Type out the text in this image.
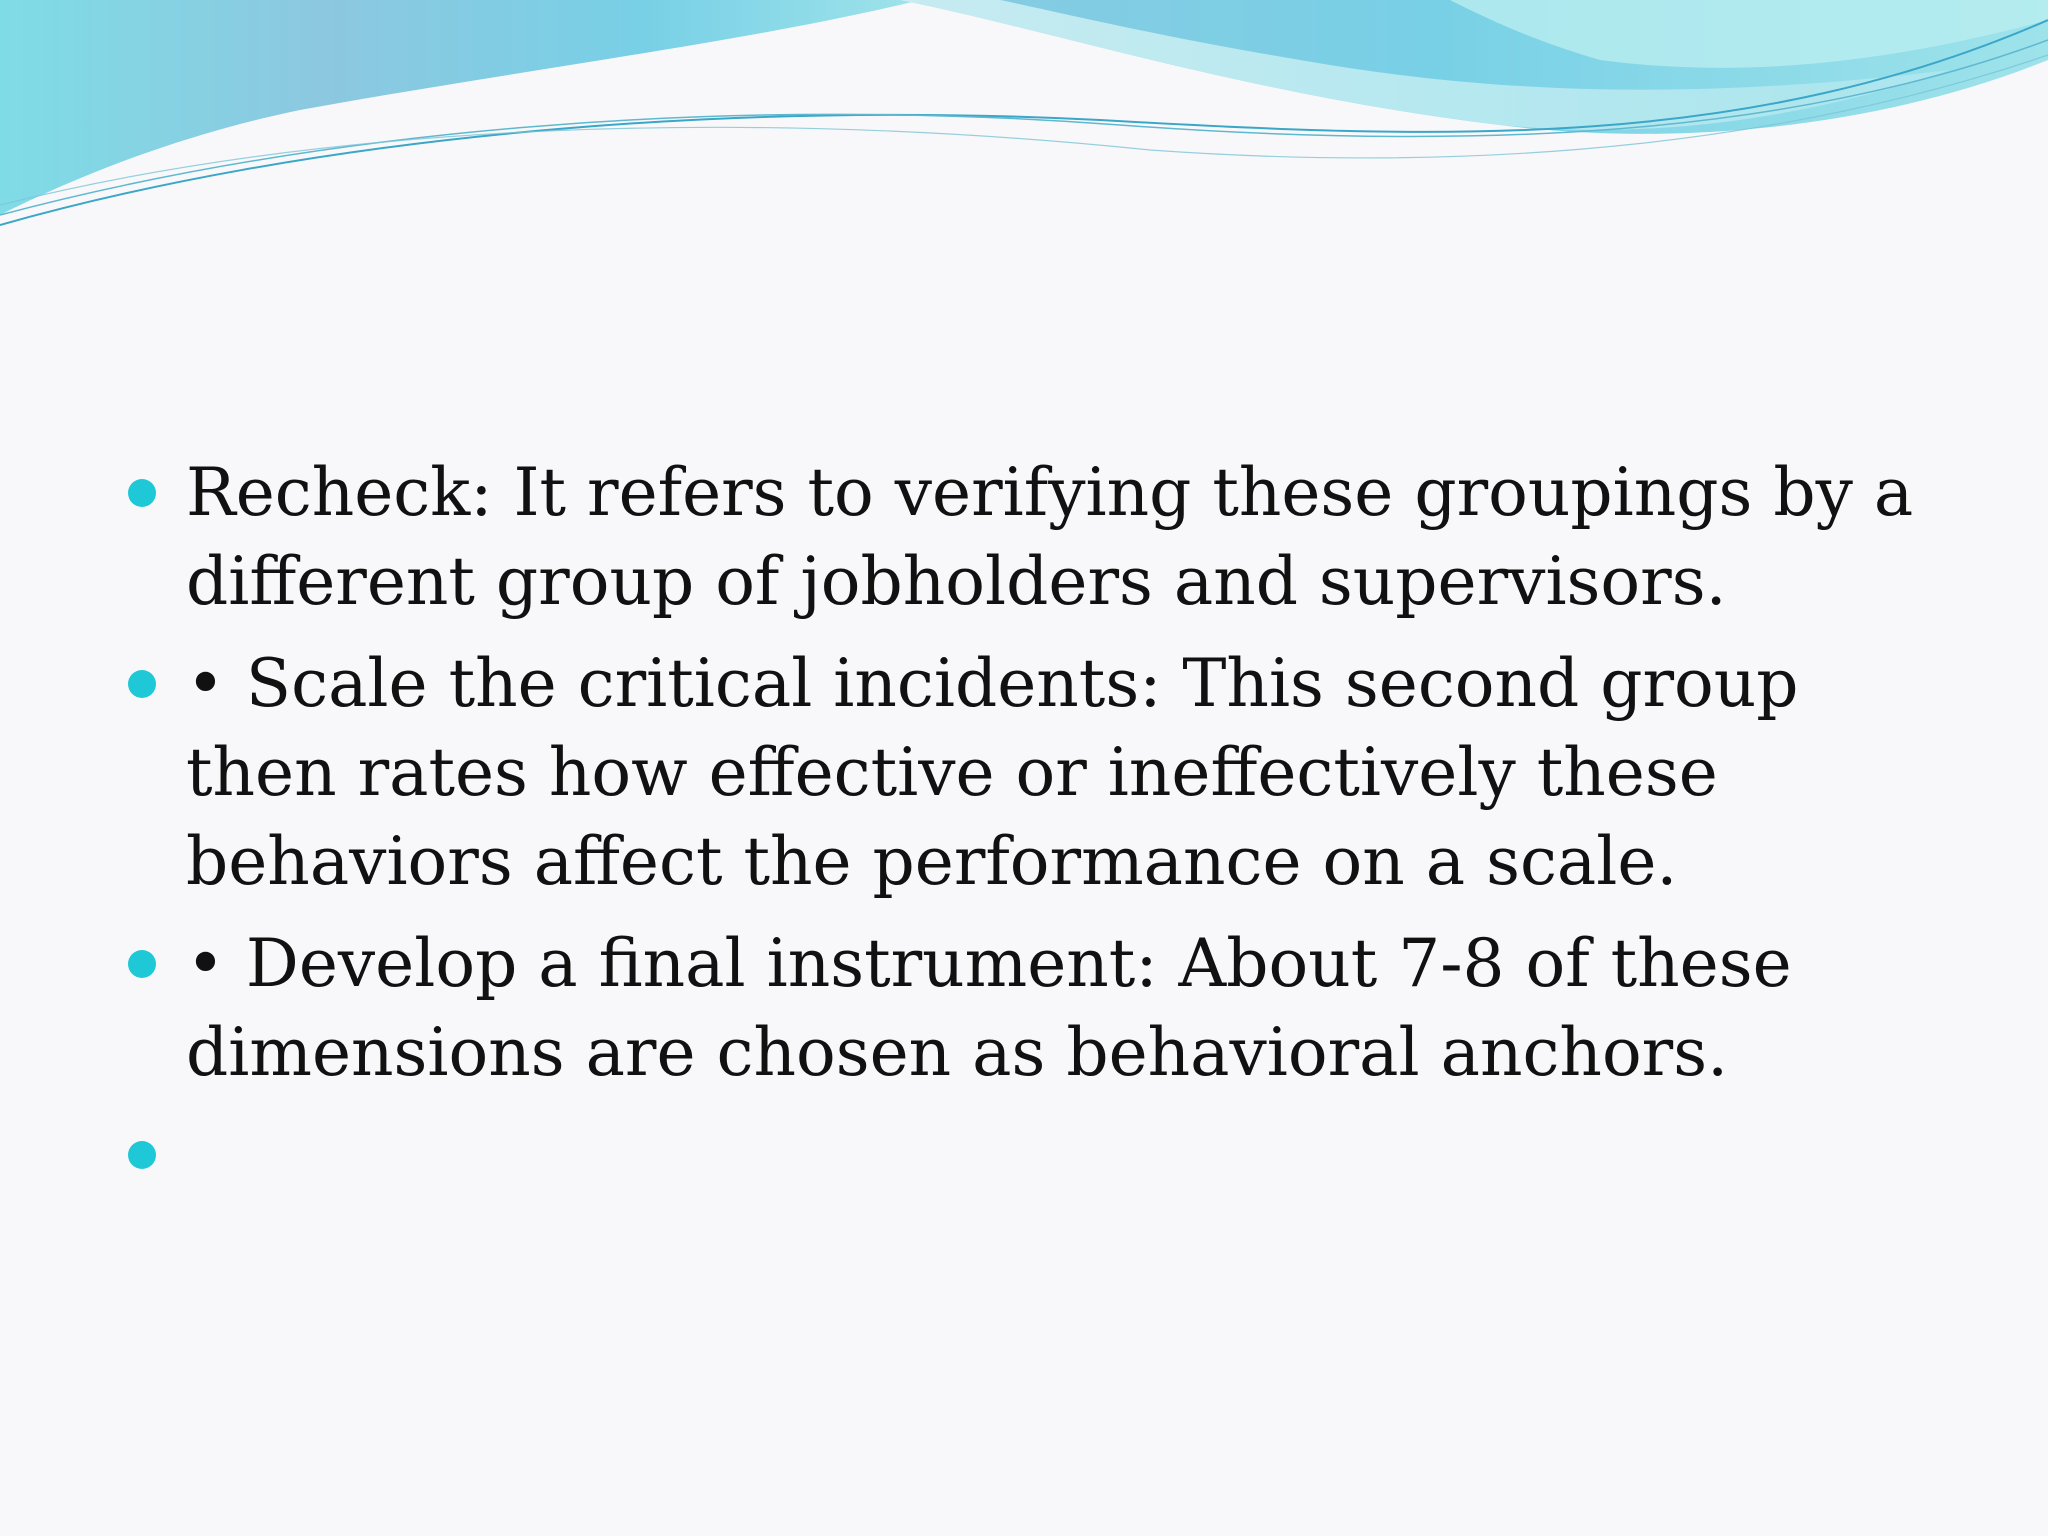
Recheck: It refers to verifying these groupings by a different group of jobholders and supervisors.
• Scale the critical incidents: This second group then rates how effective or ineffectively these behaviors affect the performance on a scale.
• Develop a final instrument: About 7-8 of these dimensions are chosen as behavioral anchors.
